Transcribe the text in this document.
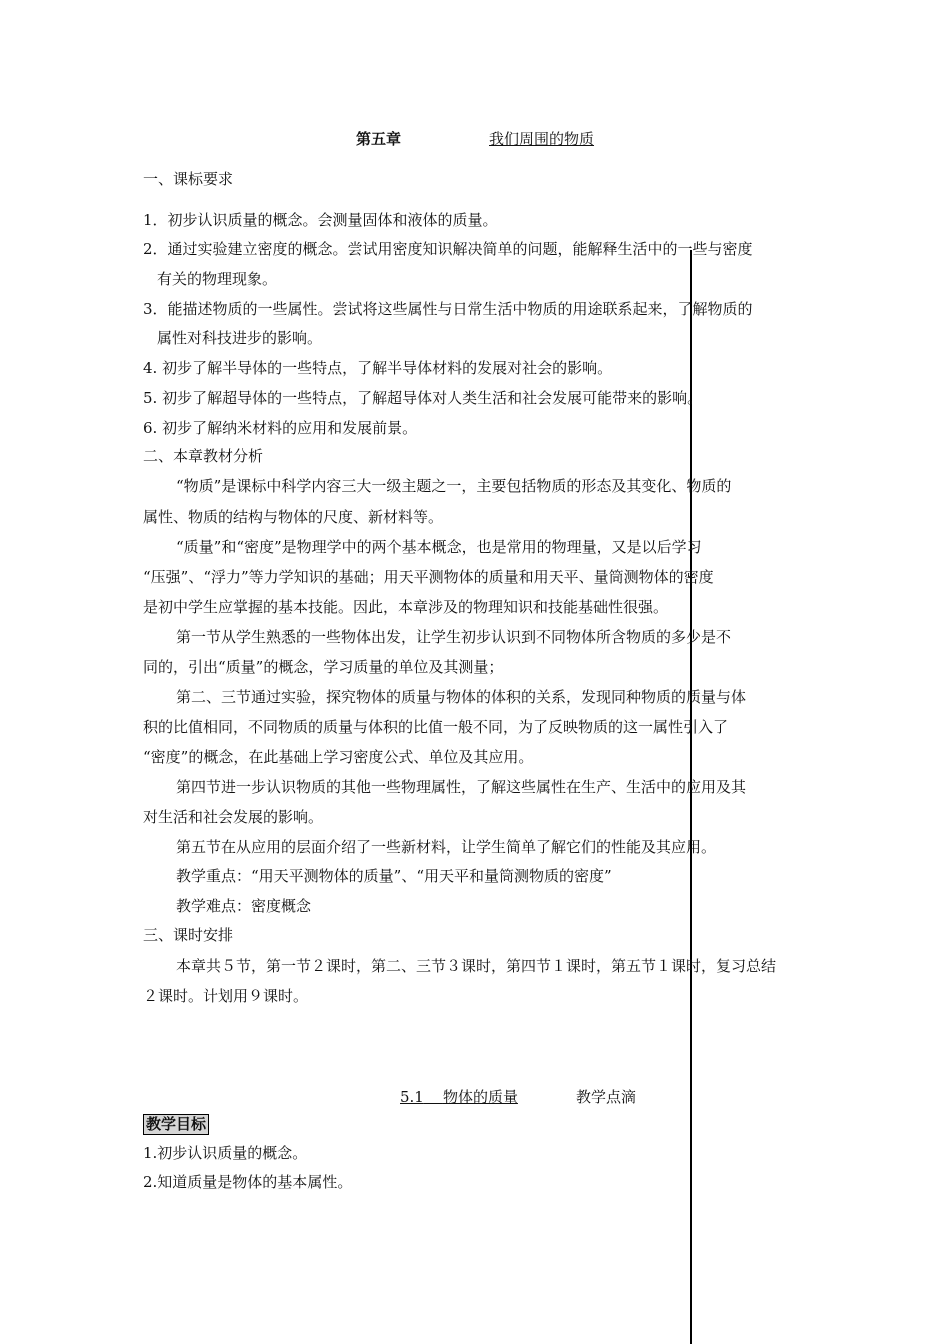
第五章	我们周围的物质
一、课标要求
1．初步认识质量的概念。会测量固体和液体的质量。
2．通过实验建立密度的概念。尝试用密度知识解决简单的问题，能解释生活中的一些与密度
有关的物理现象。
3．能描述物质的一些属性。尝试将这些属性与日常生活中物质的用途联系起来，了解物质的
属性对科技进步的影响。
4. 初步了解半导体的一些特点，了解半导体材料的发展对社会的影响。
5. 初步了解超导体的一些特点，了解超导体对人类生活和社会发展可能带来的影响。
6. 初步了解纳米材料的应用和发展前景。
二、本章教材分析
“物质”是课标中科学内容三大一级主题之一，主要包括物质的形态及其变化、物质的
属性、物质的结构与物体的尺度、新材料等。
“质量”和“密度”是物理学中的两个基本概念，也是常用的物理量，又是以后学习
“压强”、“浮力”等力学知识的基础；用天平测物体的质量和用天平、量筒测物体的密度
是初中学生应掌握的基本技能。因此，本章涉及的物理知识和技能基础性很强。
第一节从学生熟悉的一些物体出发，让学生初步认识到不同物体所含物质的多少是不
同的，引出“质量”的概念，学习质量的单位及其测量；
第二、三节通过实验，探究物体的质量与物体的体积的关系，发现同种物质的质量与体
积的比值相同，不同物质的质量与体积的比值一般不同，为了反映物质的这一属性引入了
“密度”的概念，在此基础上学习密度公式、单位及其应用。
第四节进一步认识物质的其他一些物理属性，了解这些属性在生产、生活中的应用及其
对生活和社会发展的影响。
第五节在从应用的层面介绍了一些新材料，让学生简单了解它们的性能及其应用。
教学重点：“用天平测物体的质量”、“用天平和量筒测物质的密度”
教学难点：密度概念
三、课时安排
本章共５节，第一节２课时，第二、三节３课时，第四节１课时，第五节１课时，复习总结
２课时。计划用９课时。
5.1 物体的质量	教学点滴
教学目标
1.初步认识质量的概念。
2.知道质量是物体的基本属性。
